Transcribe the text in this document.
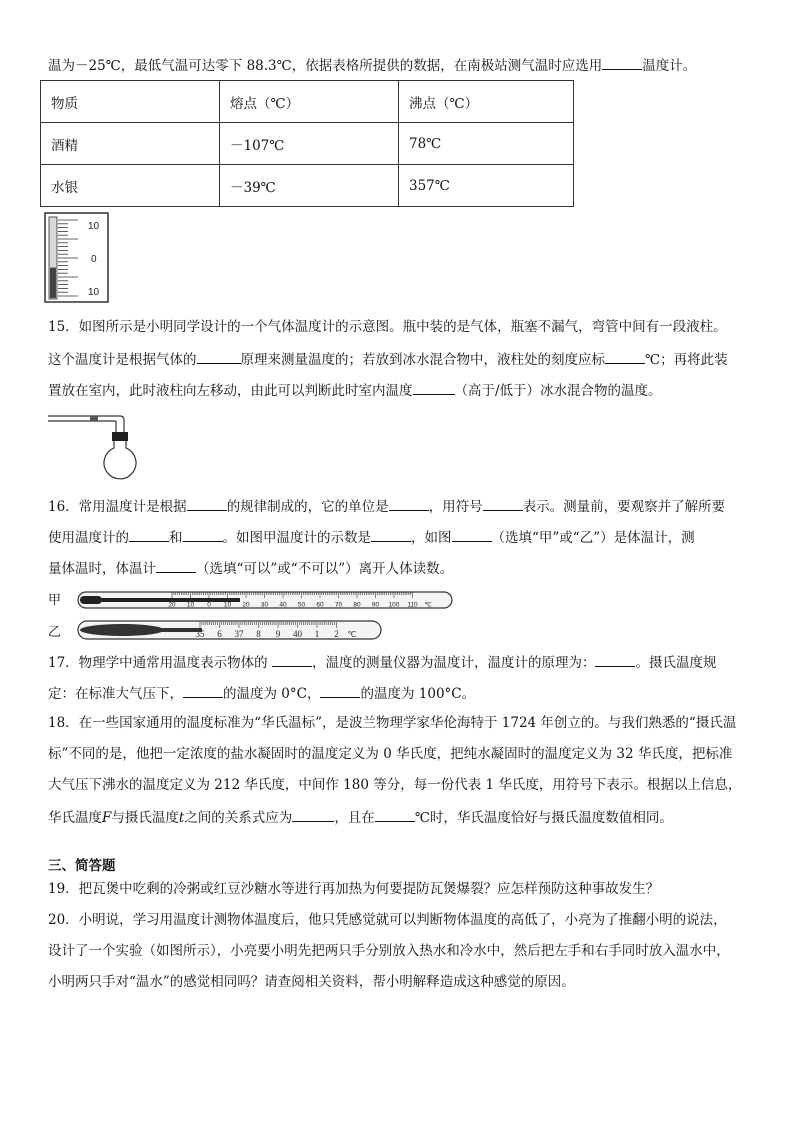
温为－25℃，最低气温可达零下 88.3℃，依据表格所提供的数据，在南极站测气温时应选用	温度计。
物质	熔点（℃）	沸点（℃）
酒精	－107℃	78℃
水银	－39℃	357℃
10
0
10
15．如图所示是小明同学设计的一个气体温度计的示意图。瓶中装的是气体，瓶塞不漏气，弯管中间有一段液柱。
这个温度计是根据气体的	原理来测量温度的；若放到冰水混合物中，液柱处的刻度应标	℃；再将此装
置放在室内，此时液柱向左移动，由此可以判断此时室内温度	（高于/低于）冰水混合物的温度。
16．常用温度计是根据	的规律制成的，它的单位是	，用符号	表示。测量前，要观察并了解所要
使用温度计的	和	。如图甲温度计的示数是	，如图	（选填“甲”或“乙”）是体温计，测
量体温时，体温计	（选填“可以”或“不可以”）离开人体读数。
甲	20 10 0 10 20 30 40 50 60 70 80 90 100 110 ℃
乙	35 6 37 8 9 40 1 2 ℃
17．物理学中通常用温度表示物体的	，温度的测量仪器为温度计，温度计的原理为：	。摄氏温度规
定：在标准大气压下，	的温度为 0°C，	的温度为 100°C。
18．在一些国家通用的温度标准为“华氏温标”，是波兰物理学家华伦海特于 1724 年创立的。与我们熟悉的“摄氏温
标”不同的是，他把一定浓度的盐水凝固时的温度定义为 0 华氏度，把纯水凝固时的温度定义为 32 华氏度，把标准
大气压下沸水的温度定义为 212 华氏度，中间作 180 等分，每一份代表 1 华氏度，用符号下表示。根据以上信息，
华氏温度F与摄氏温度t之间的关系式应为	，且在	℃时，华氏温度恰好与摄氏温度数值相同。
三、简答题
19．把瓦煲中吃剩的冷粥或红豆沙糖水等进行再加热为何要提防瓦煲爆裂？应怎样预防这种事故发生？
20．小明说，学习用温度计测物体温度后，他只凭感觉就可以判断物体温度的高低了，小亮为了推翻小明的说法，
设计了一个实验（如图所示），小亮要小明先把两只手分别放入热水和冷水中，然后把左手和右手同时放入温水中，
小明两只手对“温水”的感觉相同吗？请查阅相关资料，帮小明解释造成这种感觉的原因。
